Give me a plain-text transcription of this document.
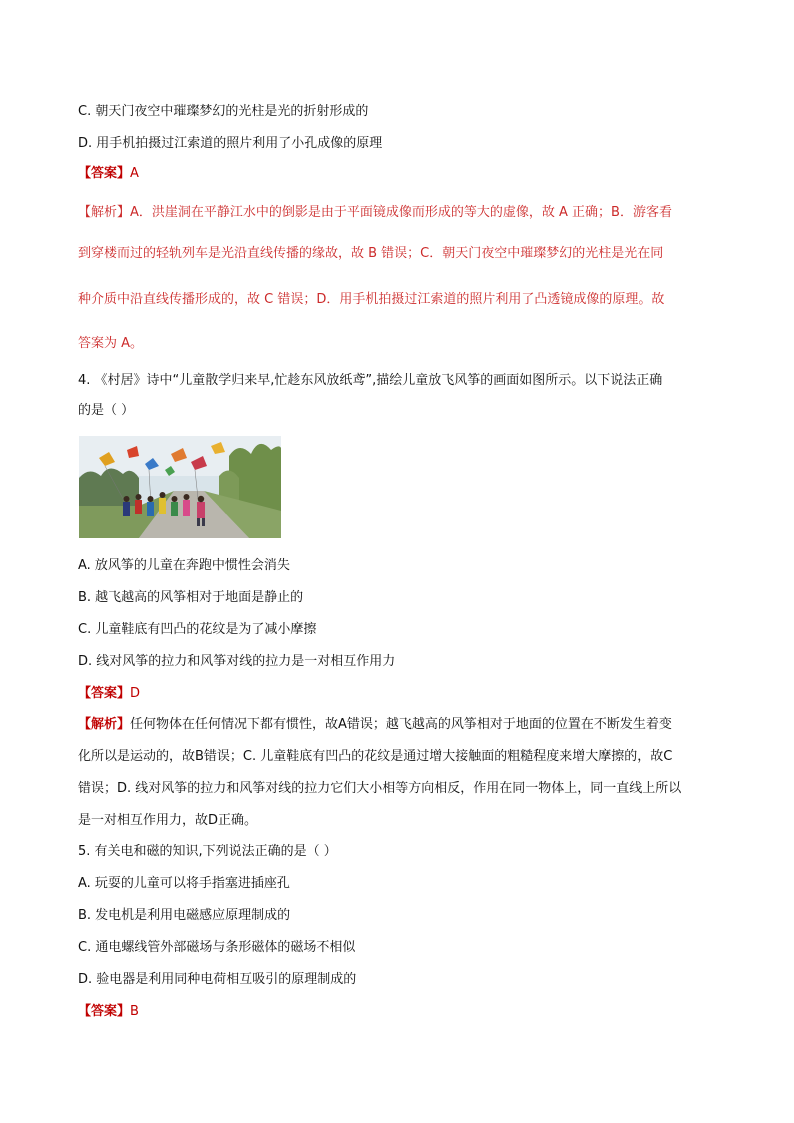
C. 朝天门夜空中璀璨梦幻的光柱是光的折射形成的
D. 用手机拍摄过江索道的照片利用了小孔成像的原理
【答案】A
【解析】A．洪崖洞在平静江水中的倒影是由于平面镜成像而形成的等大的虚像，故 A 正确；B．游客看
到穿楼而过的轻轨列车是光沿直线传播的缘故，故 B 错误；C．朝天门夜空中璀璨梦幻的光柱是光在同
种介质中沿直线传播形成的，故 C 错误；D．用手机拍摄过江索道的照片利用了凸透镜成像的原理。故
答案为 A。
4. 《村居》诗中“儿童散学归来早,忙趁东风放纸鸢”,描绘儿童放飞风筝的画面如图所示。以下说法正确
的是（ ）
A. 放风筝的儿童在奔跑中惯性会消失
B. 越飞越高的风筝相对于地面是静止的
C. 儿童鞋底有凹凸的花纹是为了减小摩擦
D. 线对风筝的拉力和风筝对线的拉力是一对相互作用力
【答案】D
【解析】任何物体在任何情况下都有惯性，故A错误；越飞越高的风筝相对于地面的位置在不断发生着变
化所以是运动的，故B错误；C. 儿童鞋底有凹凸的花纹是通过增大接触面的粗糙程度来增大摩擦的，故C
错误；D. 线对风筝的拉力和风筝对线的拉力它们大小相等方向相反，作用在同一物体上，同一直线上所以
是一对相互作用力，故D正确。
5. 有关电和磁的知识,下列说法正确的是（ ）
A. 玩耍的儿童可以将手指塞进插座孔
B. 发电机是利用电磁感应原理制成的
C. 通电螺线管外部磁场与条形磁体的磁场不相似
D. 验电器是利用同种电荷相互吸引的原理制成的
【答案】B
